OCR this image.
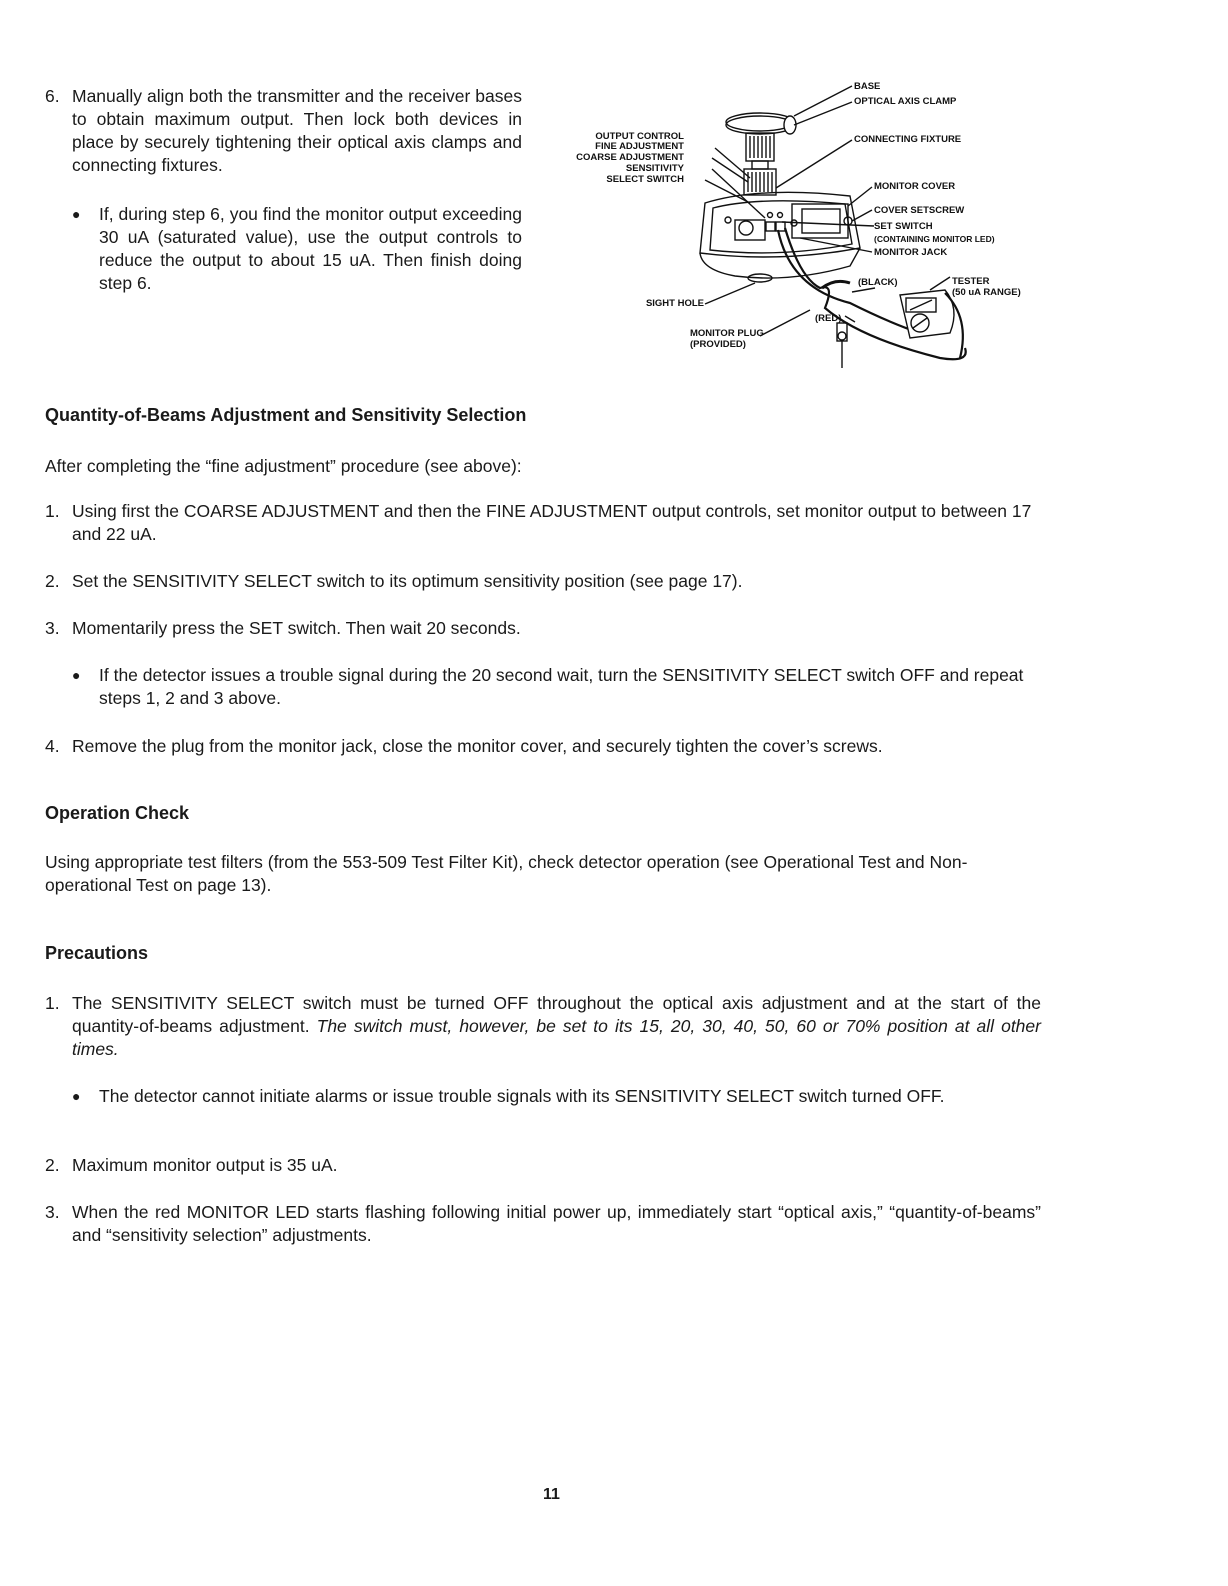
6. Manually align both the transmitter and the receiver bases to obtain maximum output. Then lock both devices in place by securely tightening their optical axis clamps and connecting fixtures.
●	If, during step 6, you find the monitor output exceeding 30 uA (saturated value), use the output controls to reduce the output to about 15 uA. Then finish doing step 6.
BASE
OPTICAL AXIS CLAMP
CONNECTING FIXTURE
OUTPUT CONTROL
FINE ADJUSTMENT
COARSE ADJUSTMENT
SENSITIVITY
SELECT SWITCH
MONITOR COVER
COVER SETSCREW
SET SWITCH
(CONTAINING MONITOR LED)
MONITOR JACK
(BLACK)	TESTER
(50 uA RANGE)
SIGHT HOLE
(RED)
MONITOR PLUG
(PROVIDED)
Quantity-of-Beams Adjustment and Sensitivity Selection
After completing the “fine adjustment” procedure (see above):
1. Using first the COARSE ADJUSTMENT and then the FINE ADJUSTMENT output controls, set monitor output to between 17 and 22 uA.
2. Set the SENSITIVITY SELECT switch to its optimum sensitivity position (see page 17).
3. Momentarily press the SET switch. Then wait 20 seconds.
●	If the detector issues a trouble signal during the 20 second wait, turn the SENSITIVITY SELECT switch OFF and repeat steps 1, 2 and 3 above.
4. Remove the plug from the monitor jack, close the monitor cover, and securely tighten the cover’s screws.
Operation Check
Using appropriate test filters (from the 553-509 Test Filter Kit), check detector operation (see Operational Test and Non-operational Test on page 13).
Precautions
1. The SENSITIVITY SELECT switch must be turned OFF throughout the optical axis adjustment and at the start of the quantity-of-beams adjustment. The switch must, however, be set to its 15, 20, 30, 40, 50, 60 or 70% position at all other times.
●	The detector cannot initiate alarms or issue trouble signals with its SENSITIVITY SELECT switch turned OFF.
2. Maximum monitor output is 35 uA.
3. When the red MONITOR LED starts flashing following initial power up, immediately start “optical axis,” “quantity-of-beams” and “sensitivity selection” adjustments.
11
